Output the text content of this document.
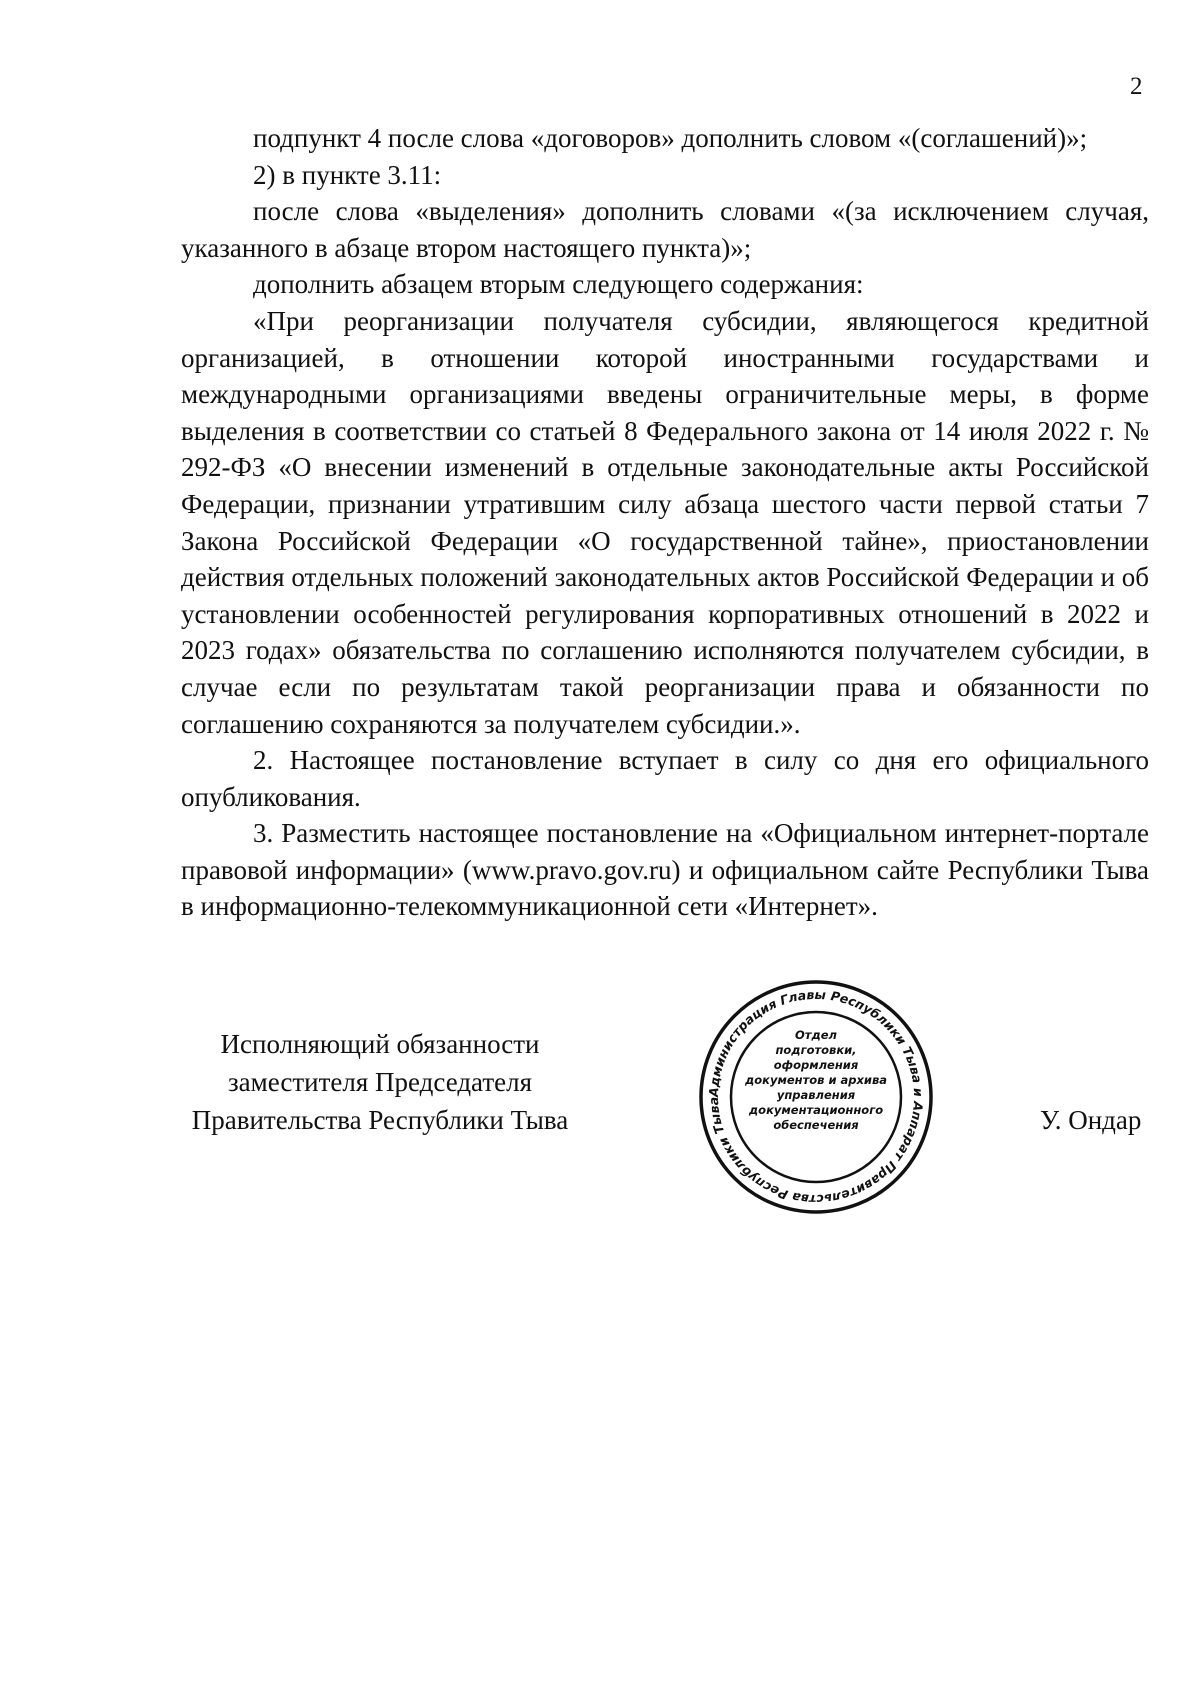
2

подпункт 4 после слова «договоров» дополнить словом «(соглашений)»;

2) в пункте 3.11:

после слова «выделения» дополнить словами «(за исключением случая, указанного в абзаце втором настоящего пункта)»;

дополнить абзацем вторым следующего содержания:

«При реорганизации получателя субсидии, являющегося кредитной организацией, в отношении которой иностранными государствами и международными организациями введены ограничительные меры, в форме выделения в соответствии со статьей 8 Федерального закона от 14 июля 2022 г. № 292-ФЗ «О внесении изменений в отдельные законодательные акты Российской Федерации, признании утратившим силу абзаца шестого части первой статьи 7 Закона Российской Федерации «О государственной тайне», приостановлении действия отдельных положений законодательных актов Российской Федерации и об установлении особенностей регулирования корпоративных отношений в 2022 и 2023 годах» обязательства по соглашению исполняются получателем субсидии, в случае если по результатам такой реорганизации права и обязанности по соглашению сохраняются за получателем субсидии.».

2. Настоящее постановление вступает в силу со дня его официального опубликования.

3. Разместить настоящее постановление на «Официальном интернет-портале правовой информации» (www.pravo.gov.ru) и официальном сайте Республики Тыва в информационно-телекоммуникационной сети «Интернет».

Исполняющий обязанности
заместителя Председателя
Правительства Республики Тыва	У. Ондар
Администрация Главы Республики Тыва и Аппарат Правительства Республики Тыва
Отдел
подготовки,
оформления
документов и архива
управления
документационного
обеспечения
